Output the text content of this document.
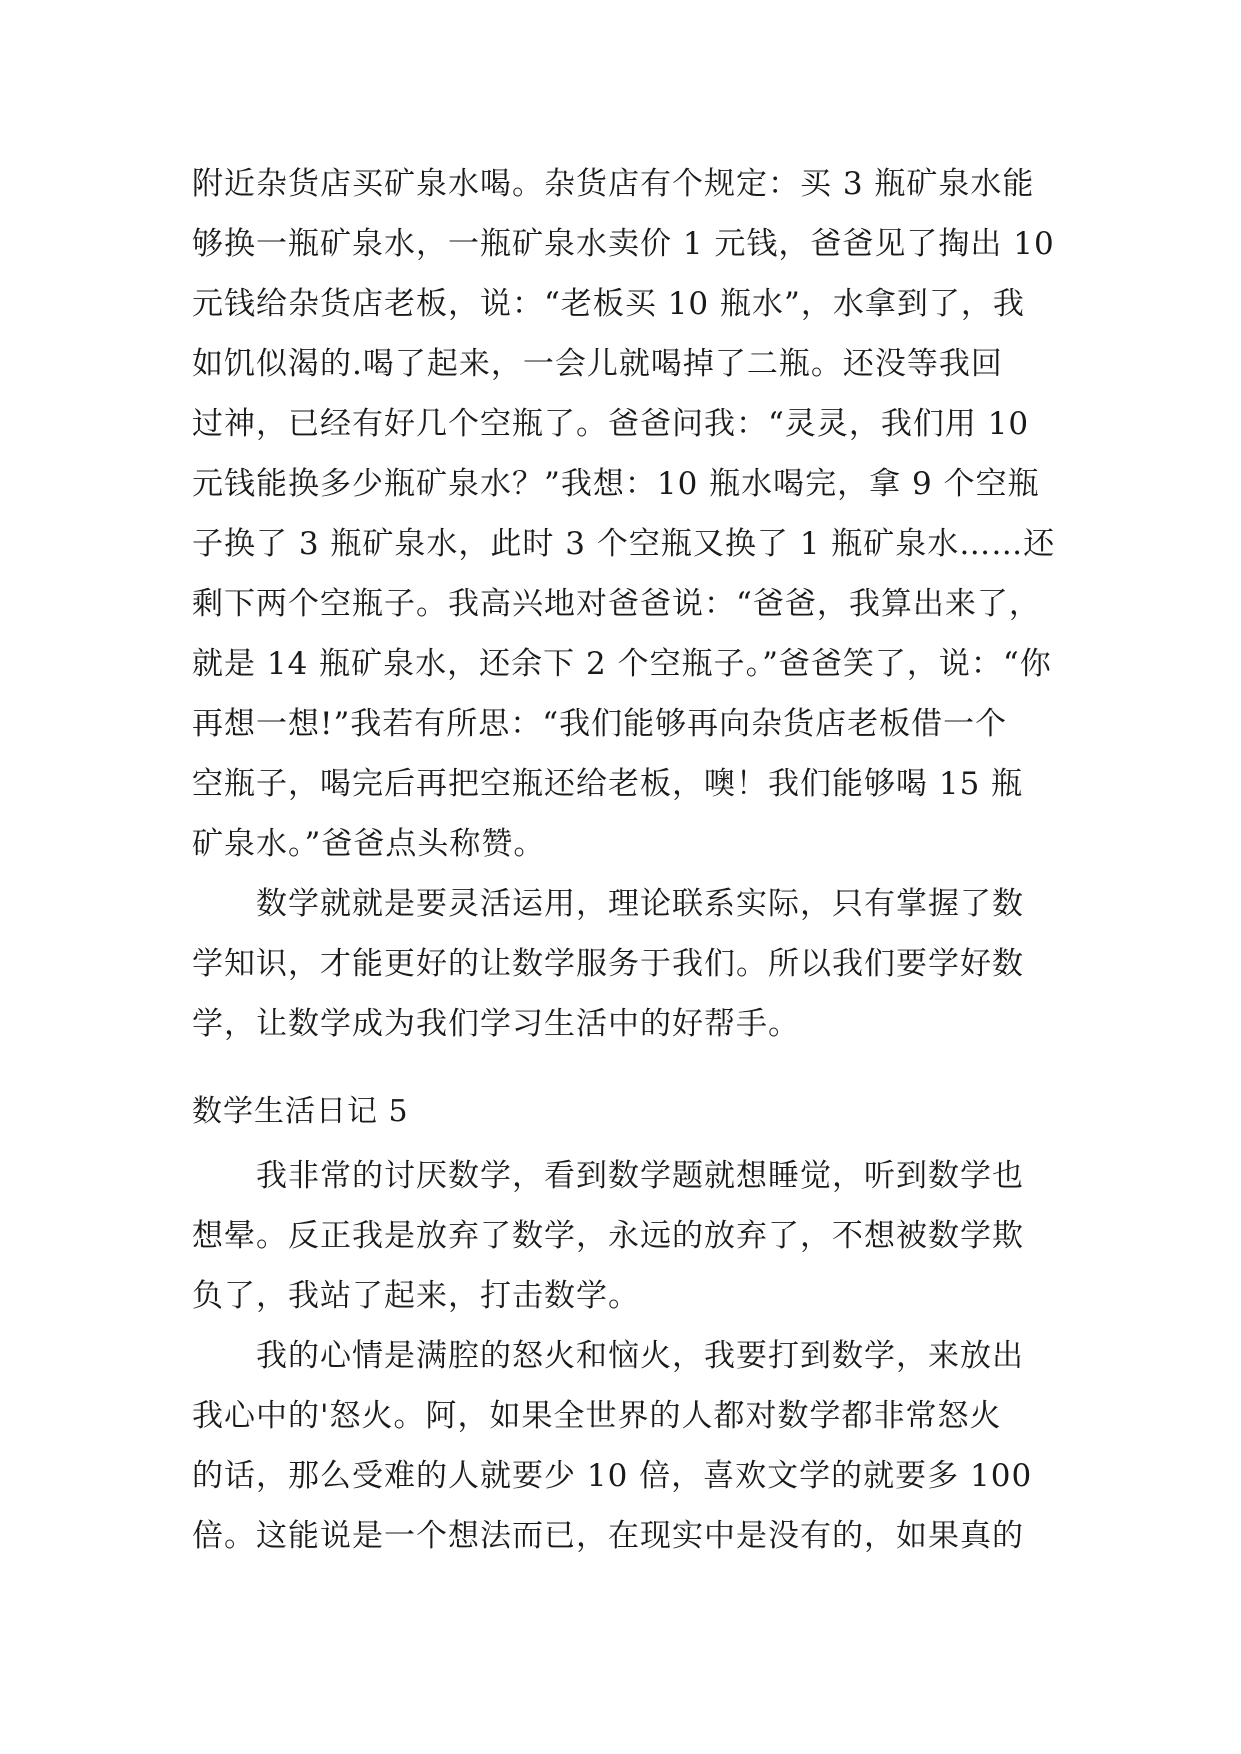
附近杂货店买矿泉水喝。杂货店有个规定：买 3 瓶矿泉水能
够换一瓶矿泉水，一瓶矿泉水卖价 1 元钱，爸爸见了掏出 10
元钱给杂货店老板，说：“老板买 10 瓶水”，水拿到了，我
如饥似渴的.喝了起来，一会儿就喝掉了二瓶。还没等我回
过神，已经有好几个空瓶了。爸爸问我：“灵灵，我们用 10
元钱能换多少瓶矿泉水？”我想：10 瓶水喝完，拿 9 个空瓶
子换了 3 瓶矿泉水，此时 3 个空瓶又换了 1 瓶矿泉水……还
剩下两个空瓶子。我高兴地对爸爸说：“爸爸，我算出来了，
就是 14 瓶矿泉水，还余下 2 个空瓶子。”爸爸笑了，说：“你
再想一想!”我若有所思：“我们能够再向杂货店老板借一个
空瓶子，喝完后再把空瓶还给老板，噢！我们能够喝 15 瓶
矿泉水。”爸爸点头称赞。
数学就就是要灵活运用，理论联系实际，只有掌握了数
学知识，才能更好的让数学服务于我们。所以我们要学好数
学，让数学成为我们学习生活中的好帮手。
数学生活日记 5
我非常的讨厌数学，看到数学题就想睡觉，听到数学也
想晕。反正我是放弃了数学，永远的放弃了，不想被数学欺
负了，我站了起来，打击数学。
我的心情是满腔的怒火和恼火，我要打到数学，来放出
我心中的'怒火。阿，如果全世界的人都对数学都非常怒火
的话，那么受难的人就要少 10 倍，喜欢文学的就要多 100
倍。这能说是一个想法而已，在现实中是没有的，如果真的
